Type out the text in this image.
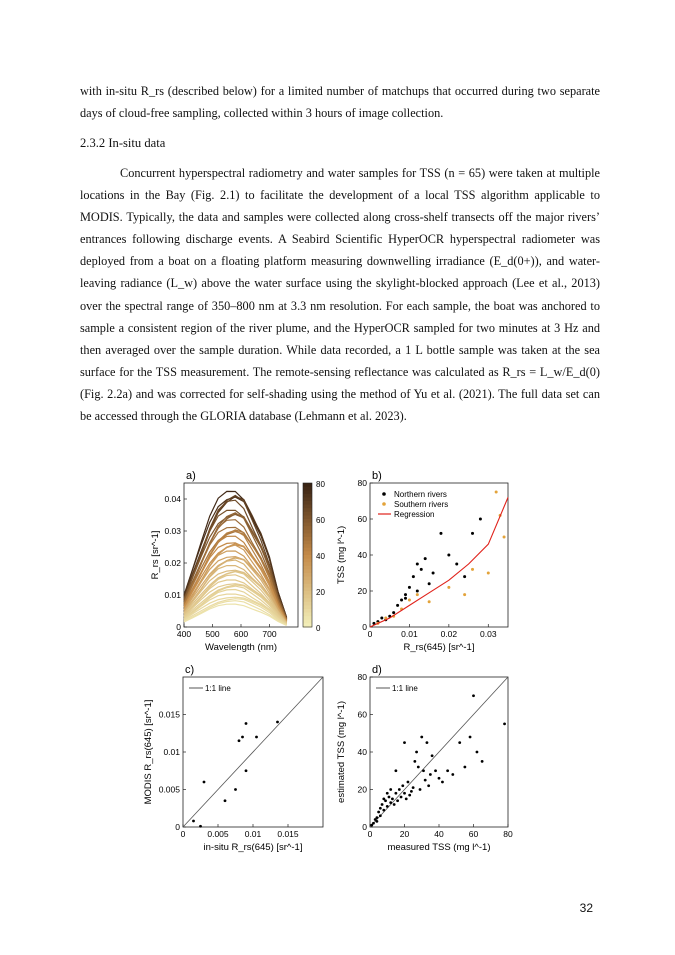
with in-situ R_rs (described below) for a limited number of matchups that occurred during two separate days of cloud-free sampling, collected within 3 hours of image collection.

2.3.2 In-situ data

Concurrent hyperspectral radiometry and water samples for TSS (n = 65) were taken at multiple locations in the Bay (Fig. 2.1) to facilitate the development of a local TSS algorithm applicable to MODIS. Typically, the data and samples were collected along cross-shelf transects off the major rivers’ entrances following discharge events. A Seabird Scientific HyperOCR hyperspectral radiometer was deployed from a boat on a floating platform measuring downwelling irradiance (E_d(0+)), and water-leaving radiance (L_w) above the water surface using the skylight-blocked approach (Lee et al., 2013) over the spectral range of 350–800 nm at 3.3 nm resolution. For each sample, the boat was anchored to sample a consistent region of the river plume, and the HyperOCR sampled for two minutes at 3 Hz and then averaged over the sample duration. While data recorded, a 1 L bottle sample was taken at the sea surface for the TSS measurement. The remote-sensing reflectance was calculated as R_rs = L_w/E_d(0) (Fig. 2.2a) and was corrected for self-shading using the method of Yu et al. (2021). The full data set can be accessed through the GLORIA database (Lehmann et al. 2023).

a)
400 500 600 700
0
0.01
0.02
0.03
0.04
Wavelength (nm)
R_rs [sr^-1]
b)
0	0.01	0.02	0.03
0
20
40
60
80
R_rs(645) [sr^-1]
TSS (mg l^-1)
c)
0	0.005 0.01 0.015
0
0.005
0.01
0.015
in-situ R_rs(645) [sr^-1]
MODIS R_rs(645) [sr^-1]
d)
0	20	40	60	80
0
20
40
60
80
measured TSS (mg l^-1)
estimated TSS (mg l^-1)
80
60
40
20
0
Northern rivers
Southern rivers
Regression
1:1 line	1:1 line
32
